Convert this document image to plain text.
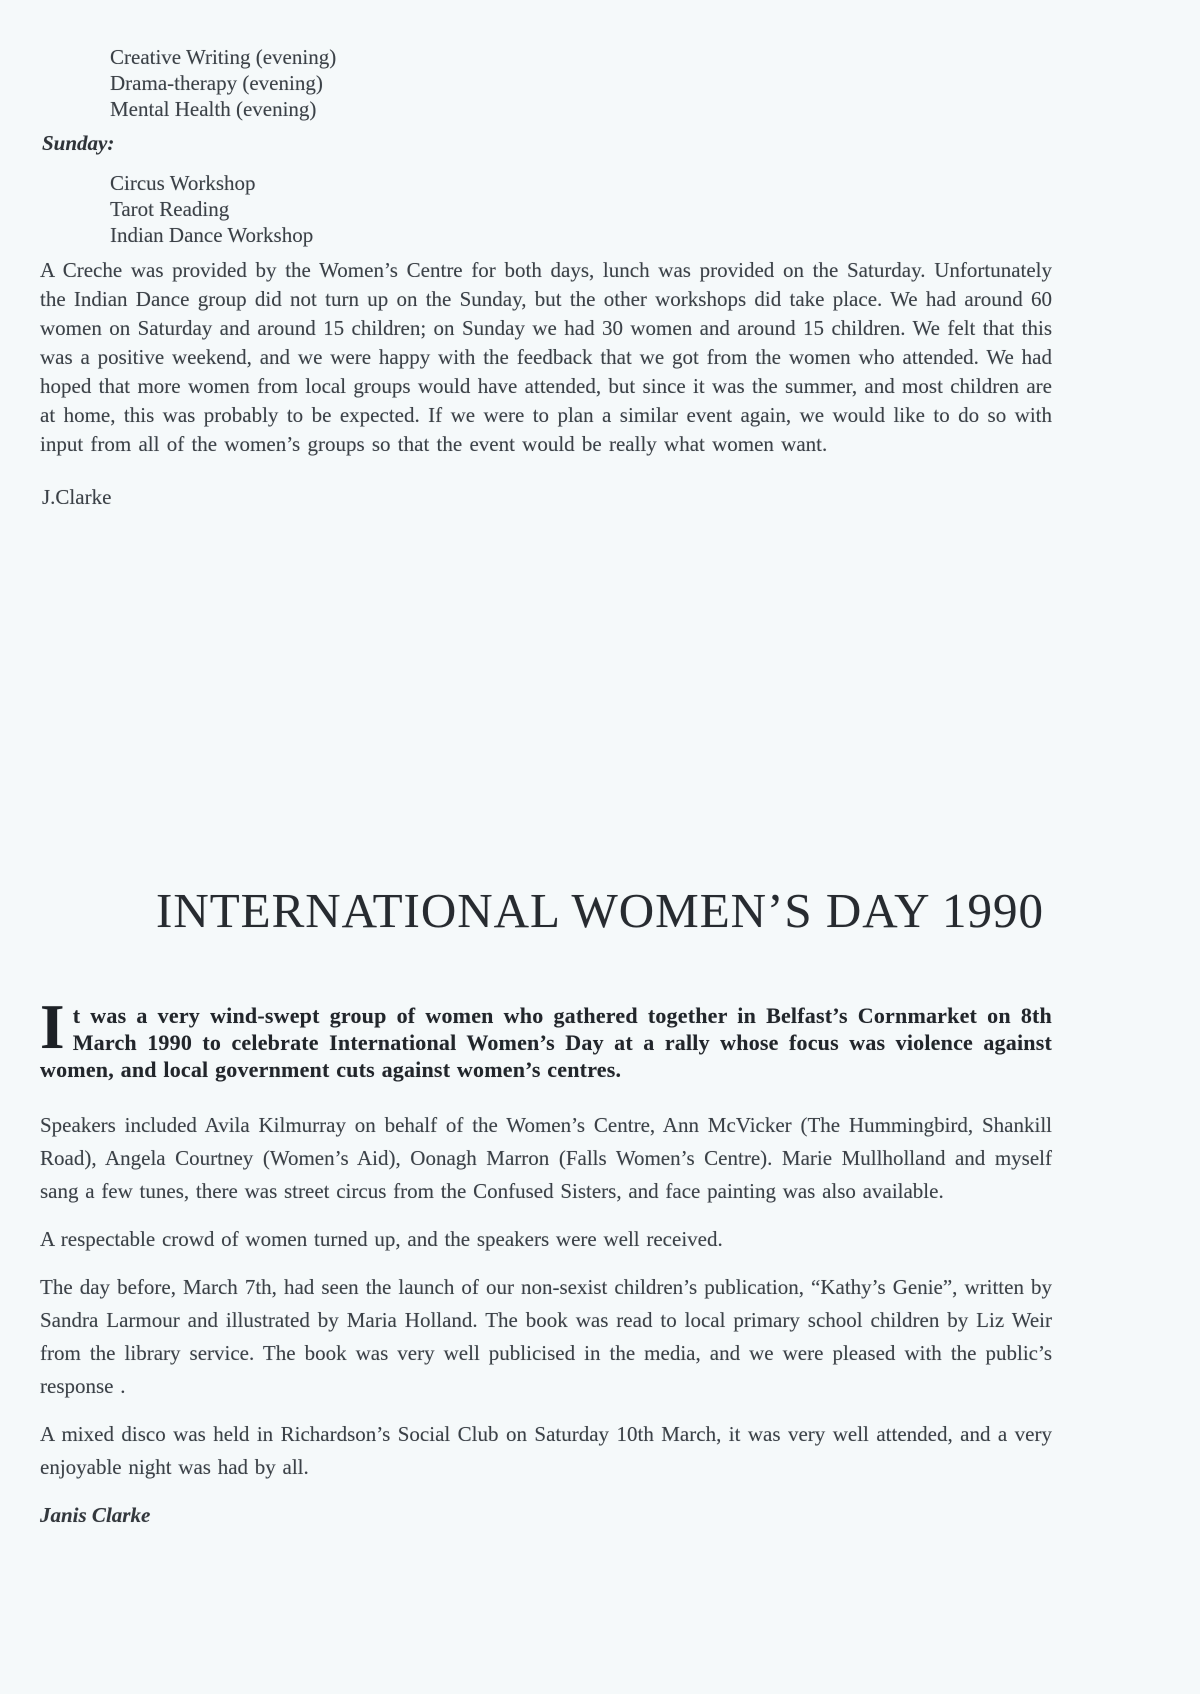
Creative Writing (evening)
Drama-therapy (evening)
Mental Health (evening)
Sunday:
Circus Workshop
Tarot Reading
Indian Dance Workshop

A Creche was provided by the Women’s Centre for both days, lunch was provided on the Saturday. Unfortunately the Indian Dance group did not turn up on the Sunday, but the other workshops did take place. We had around 60 women on Saturday and around 15 children; on Sunday we had 30 women and around 15 children. We felt that this was a positive weekend, and we were happy with the feedback that we got from the women who attended. We had hoped that more women from local groups would have attended, but since it was the summer, and most children are at home, this was probably to be expected. If we were to plan a similar event again, we would like to do so with input from all of the women’s groups so that the event would be really what women want.

J.Clarke
INTERNATIONAL WOMEN’S DAY 1990

It was a very wind-swept group of women who gathered together in Belfast’s Cornmarket on 8th March 1990 to celebrate International Women’s Day at a rally whose focus was violence against women, and local government cuts against women’s centres.

Speakers included Avila Kilmurray on behalf of the Women’s Centre, Ann McVicker (The Hummingbird, Shankill Road), Angela Courtney (Women’s Aid), Oonagh Marron (Falls Women’s Centre). Marie Mullholland and myself sang a few tunes, there was street circus from the Confused Sisters, and face painting was also available.

A respectable crowd of women turned up, and the speakers were well received.

The day before, March 7th, had seen the launch of our non-sexist children’s publication, “Kathy’s Genie”, written by Sandra Larmour and illustrated by Maria Holland. The book was read to local primary school children by Liz Weir from the library service. The book was very well publicised in the media, and we were pleased with the public’s response .

A mixed disco was held in Richardson’s Social Club on Saturday 10th March, it was very well attended, and a very enjoyable night was had by all.

Janis Clarke
